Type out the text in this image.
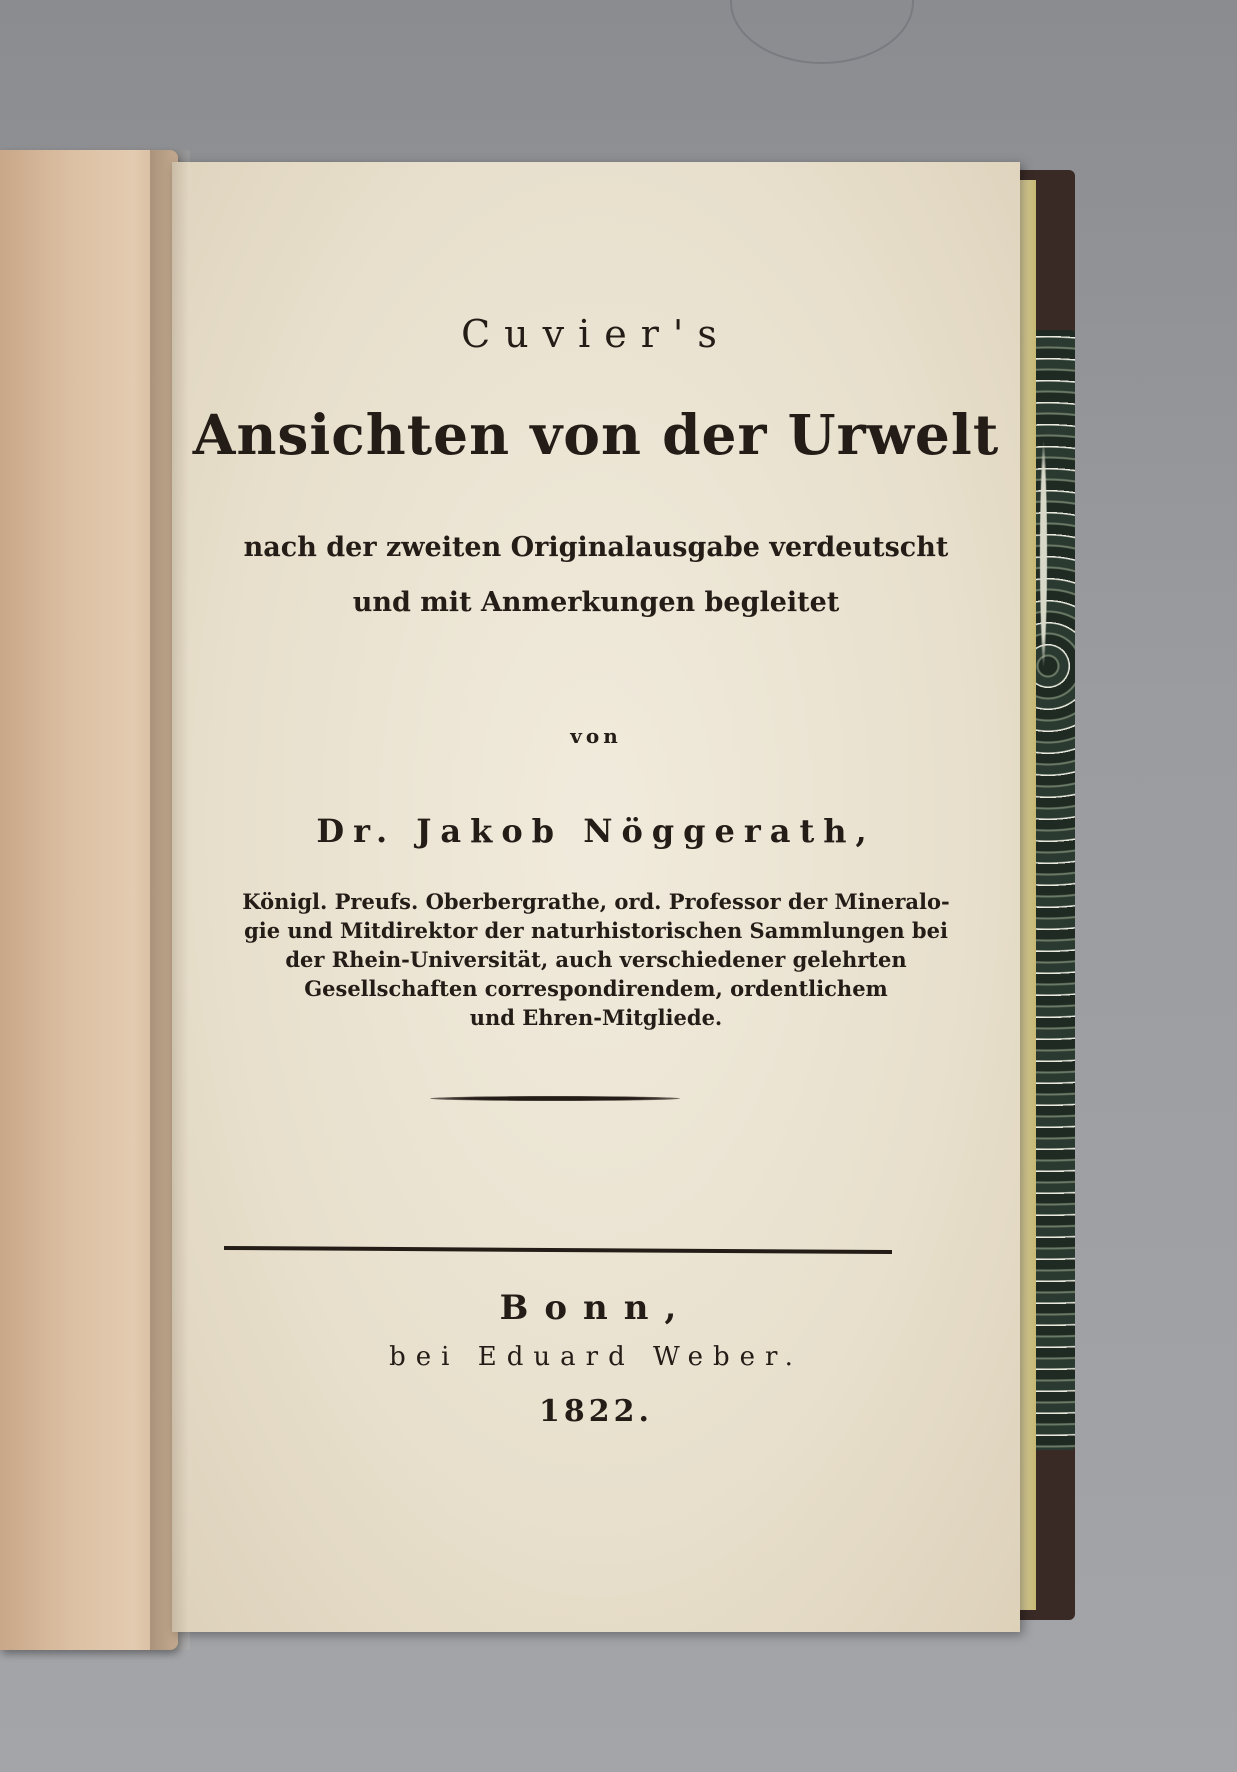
Cuvier's
Ansichten von der Urwelt
nach der zweiten Originalausgabe verdeutscht
und mit Anmerkungen begleitet
von
Dr. Jakob Nöggerath,
Königl. Preufs. Oberbergrathe, ord. Professor der Mineralo-
gie und Mitdirektor der naturhistorischen Sammlungen bei
der Rhein-Universität, auch verschiedener gelehrten
Gesellschaften correspondirendem, ordentlichem
und Ehren-Mitgliede.
Bonn,
bei Eduard Weber.
1822.
